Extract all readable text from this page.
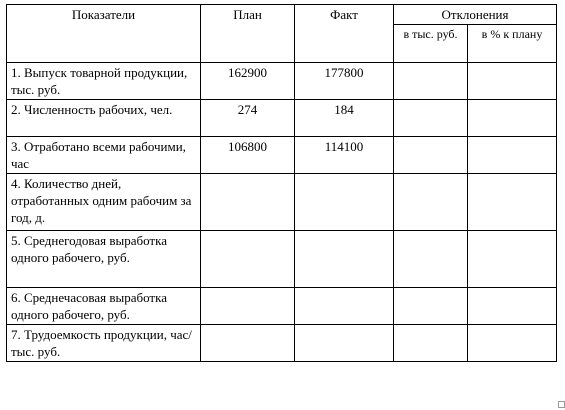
Показатели	План	Факт	Отклонения	
			в тыс. руб.	в % к плану
1. Выпуск товарной продукции, тыс. руб.	162900	177800		
2. Численность рабочих, чел.	274	184		
3. Отработано всеми рабочими, час	106800	114100		
4. Количество дней, отработанных одним рабочим за год, д.				
5. Среднегодовая выработка одного рабочего, руб.				

6. Среднечасовая выработка одного рабочего, руб.				

7. Трудоемкость продукции, час/тыс. руб.				
